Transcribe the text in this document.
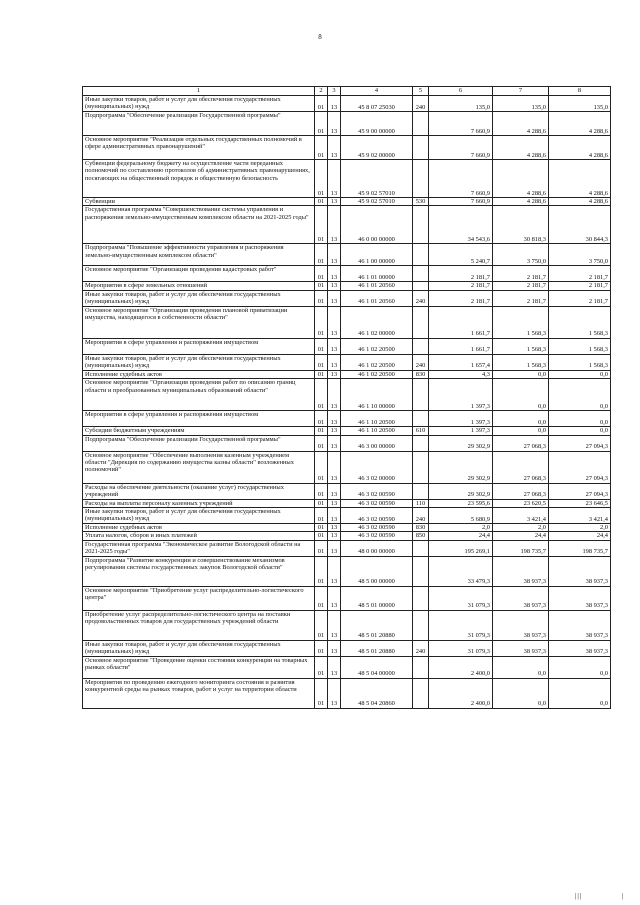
8
1	2	3	4	5	6	7	8
Иные закупки товаров, работ и услуг для обеспечения государственных (муниципальных) нужд	01	13	45 8 07 25030	240	135,0	135,0	135,0
Подпрограмма "Обеспечение реализации Государственной программы"	01	13	45 9 00 00000		7 660,9	4 288,6	4 288,6
Основное мероприятие "Реализация отдельных государственных полномочий в сфере административных правонарушений"	01	13	45 9 02 00000		7 660,9	4 288,6	4 288,6
Субвенции федеральному бюджету на осуществление части переданных полномочий по составлению протоколов об административных правонарушениях, посягающих на общественный порядок и общественную безопасность	01	13	45 9 02 57010		7 660,9	4 288,6	4 288,6
Субвенции	01	13	45 9 02 57010	530	7 660,9	4 288,6	4 288,6
Государственная программа "Совершенствование системы управления и распоряжения земельно-имущественным комплексом области на 2021-2025 годы"	01	13	46 0 00 00000		34 543,6	30 818,3	30 844,3
Подпрограмма "Повышение эффективности управления и распоряжения земельно-имущественным комплексом области"	01	13	46 1 00 00000		5 240,7	3 750,0	3 750,0
Основное мероприятие "Организация проведения кадастровых работ"	01	13	46 1 01 00000		2 181,7	2 181,7	2 181,7
Мероприятия в сфере земельных отношений	01	13	46 1 01 20560		2 181,7	2 181,7	2 181,7
Иные закупки товаров, работ и услуг для обеспечения государственных (муниципальных) нужд	01	13	46 1 01 20560	240	2 181,7	2 181,7	2 181,7
Основное мероприятие "Организация проведения плановой приватизации имущества, находящегося в собственности области"	01	13	46 1 02 00000		1 661,7	1 568,3	1 568,3
Мероприятия в сфере управления и распоряжения имуществом	01	13	46 1 02 20500		1 661,7	1 568,3	1 568,3
Иные закупки товаров, работ и услуг для обеспечения государственных (муниципальных) нужд	01	13	46 1 02 20500	240	1 657,4	1 568,3	1 568,3
Исполнение судебных актов	01	13	46 1 02 20500	830	4,3	0,0	0,0
Основное мероприятие "Организация проведения работ по описанию границ области и преобразованных муниципальных образований области"	01	13	46 1 10 00000		1 397,3	0,0	0,0
Мероприятия в сфере управления и распоряжения имуществом	01	13	46 1 10 20500		1 397,3	0,0	0,0
Субсидии бюджетным учреждениям	01	13	46 1 10 20500	610	1 397,3	0,0	0,0
Подпрограмма "Обеспечение реализации Государственной программы"	01	13	46 3 00 00000		29 302,9	27 068,3	27 094,3
Основное мероприятие "Обеспечение выполнения казенным учреждением области "Дирекция по содержанию имущества казны области" возложенных полномочий"	01	13	46 3 02 00000		29 302,9	27 068,3	27 094,3
Расходы на обеспечение деятельности (оказание услуг) государственных учреждений	01	13	46 3 02 00590		29 302,9	27 068,3	27 094,3
Расходы на выплаты персоналу казенных учреждений	01	13	46 3 02 00590	110	23 595,6	23 620,5	23 646,5
Иные закупки товаров, работ и услуг для обеспечения государственных (муниципальных) нужд	01	13	46 3 02 00590	240	5 680,9	3 421,4	3 421,4
Исполнение судебных актов	01	13	46 3 02 00590	830	2,0	2,0	2,0
Уплата налогов, сборов и иных платежей	01	13	46 3 02 00590	850	24,4	24,4	24,4
Государственная программа "Экономическое развитие Вологодской области на 2021-2025 годы"	01	13	48 0 00 00000		195 269,1	198 735,7	198 735,7
Подпрограмма "Развитие конкуренции и совершенствование механизмов регулирования системы государственных закупок Вологодской области"	01	13	48 5 00 00000		33 479,3	38 937,3	38 937,3
Основное мероприятие "Приобретение услуг распределительно-логистического центра"	01	13	48 5 01 00000		31 079,3	38 937,3	38 937,3
Приобретение услуг распределительно-логистического центра на поставки продовольственных товаров для государственных учреждений области	01	13	48 5 01 20880		31 079,3	38 937,3	38 937,3
Иные закупки товаров, работ и услуг для обеспечения государственных (муниципальных) нужд	01	13	48 5 01 20880	240	31 079,3	38 937,3	38 937,3
Основное мероприятие "Проведение оценки состояния конкуренции на товарных рынках области"	01	13	48 5 04 00000		2 400,0	0,0	0,0
Мероприятия по проведению ежегодного мониторинга состояния и развития конкурентной среды на рынках товаров, работ и услуг на территории области	01	13	48 5 04 20860		2 400,0	0,0	0,0
|||	|
